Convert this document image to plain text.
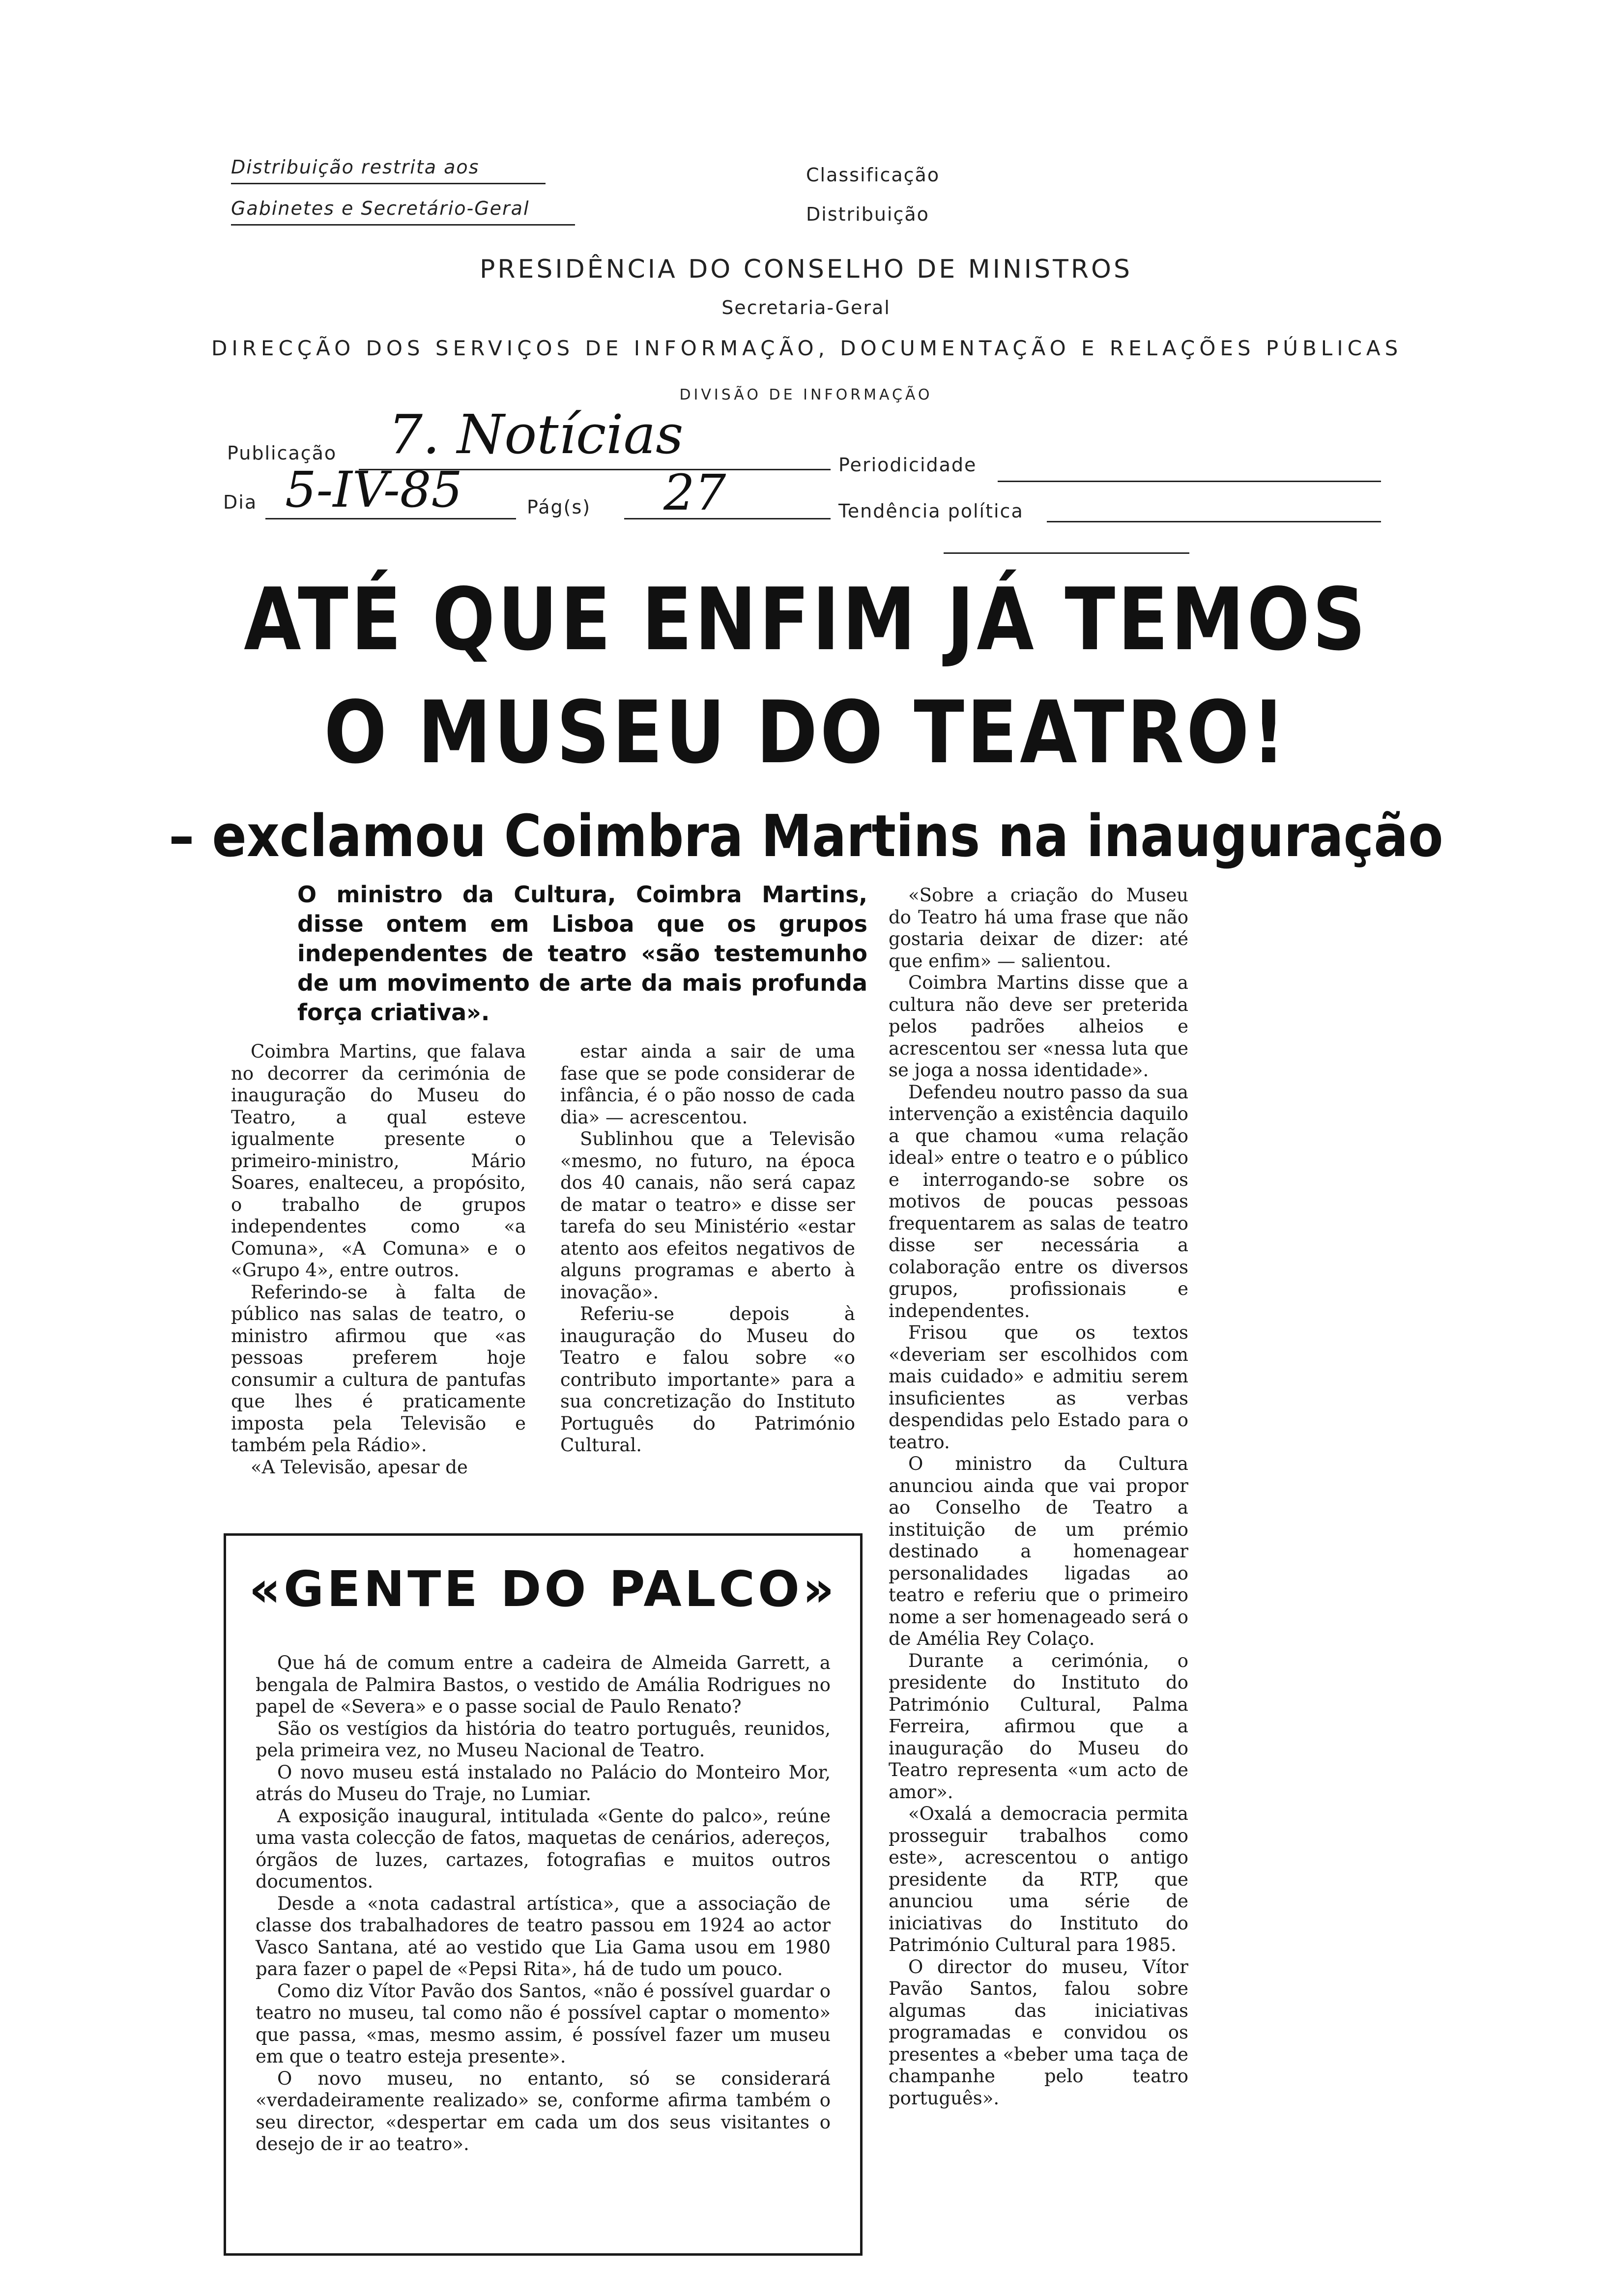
Distribuição restrita aos
Gabinetes e Secretário-Geral
Classificação
Distribuição
PRESIDÊNCIA DO CONSELHO DE MINISTROS
Secretaria-Geral
DIRECÇÃO DOS SERVIÇOS DE INFORMAÇÃO, DOCUMENTAÇÃO E RELAÇÕES PÚBLICAS
DIVISÃO DE INFORMAÇÃO
Publicação 7. Notícias	Periodicidade
Dia 5-IV-85	Pág(s) 27	Tendência política
ATÉ QUE ENFIM JÁ TEMOS
O MUSEU DO TEATRO!
– exclamou Coimbra Martins na inauguração
O ministro da Cultura, Coimbra Martins, disse ontem em Lisboa que os grupos independentes de teatro «são testemunho de um movimento de arte da mais profunda força criativa».

Coimbra Martins, que falava no decorrer da cerimónia de inauguração do Museu do Teatro, a qual esteve igualmente presente o primeiro-ministro, Mário Soares, enalteceu, a propósito, o trabalho de grupos independentes como «a Comuna», «A Comuna» e o «Grupo 4», entre outros.

Referindo-se à falta de público nas salas de teatro, o ministro afirmou que «as pessoas preferem hoje consumir a cultura de pantufas que lhes é praticamente imposta pela Televisão e também pela Rádio».

«A Televisão, apesar de

estar ainda a sair de uma fase que se pode considerar de infância, é o pão nosso de cada dia» — acrescentou.

Sublinhou que a Televisão «mesmo, no futuro, na época dos 40 canais, não será capaz de matar o teatro» e disse ser tarefa do seu Ministério «estar atento aos efeitos negativos de alguns programas e aberto à inovação».

Referiu-se depois à inauguração do Museu do Teatro e falou sobre «o contributo importante» para a sua concretização do Instituto Português do Património Cultural.

«Sobre a criação do Museu do Teatro há uma frase que não gostaria deixar de dizer: até que enfim» — salientou.

Coimbra Martins disse que a cultura não deve ser preterida pelos padrões alheios e acrescentou ser «nessa luta que se joga a nossa identidade».

Defendeu noutro passo da sua intervenção a existência daquilo a que chamou «uma relação ideal» entre o teatro e o público e interrogando-se sobre os motivos de poucas pessoas frequentarem as salas de teatro disse ser necessária a colaboração entre os diversos grupos, profissionais e independentes.

Frisou que os textos «deveriam ser escolhidos com mais cuidado» e admitiu serem insuficientes as verbas despendidas pelo Estado para o teatro.

O ministro da Cultura anunciou ainda que vai propor ao Conselho de Teatro a instituição de um prémio destinado a homenagear personalidades ligadas ao teatro e referiu que o primeiro nome a ser homenageado será o de Amélia Rey Colaço.

Durante a cerimónia, o presidente do Instituto do Património Cultural, Palma Ferreira, afirmou que a inauguração do Museu do Teatro representa «um acto de amor».

«Oxalá a democracia permita prosseguir trabalhos como este», acrescentou o antigo presidente da RTP, que anunciou uma série de iniciativas do Instituto do Património Cultural para 1985.

O director do museu, Vítor Pavão Santos, falou sobre algumas das iniciativas programadas e convidou os presentes a «beber uma taça de champanhe pelo teatro português».

«GENTE DO PALCO»

Que há de comum entre a cadeira de Almeida Garrett, a bengala de Palmira Bastos, o vestido de Amália Rodrigues no papel de «Severa» e o passe social de Paulo Renato?

São os vestígios da história do teatro português, reunidos, pela primeira vez, no Museu Nacional de Teatro.

O novo museu está instalado no Palácio do Monteiro Mor, atrás do Museu do Traje, no Lumiar.

A exposição inaugural, intitulada «Gente do palco», reúne uma vasta colecção de fatos, maquetas de cenários, adereços, órgãos de luzes, cartazes, fotografias e muitos outros documentos.

Desde a «nota cadastral artística», que a associação de classe dos trabalhadores de teatro passou em 1924 ao actor Vasco Santana, até ao vestido que Lia Gama usou em 1980 para fazer o papel de «Pepsi Rita», há de tudo um pouco.

Como diz Vítor Pavão dos Santos, «não é possível guardar o teatro no museu, tal como não é possível captar o momento» que passa, «mas, mesmo assim, é possível fazer um museu em que o teatro esteja presente».

O novo museu, no entanto, só se considerará «verdadeiramente realizado» se, conforme afirma também o seu director, «despertar em cada um dos seus visitantes o desejo de ir ao teatro».
